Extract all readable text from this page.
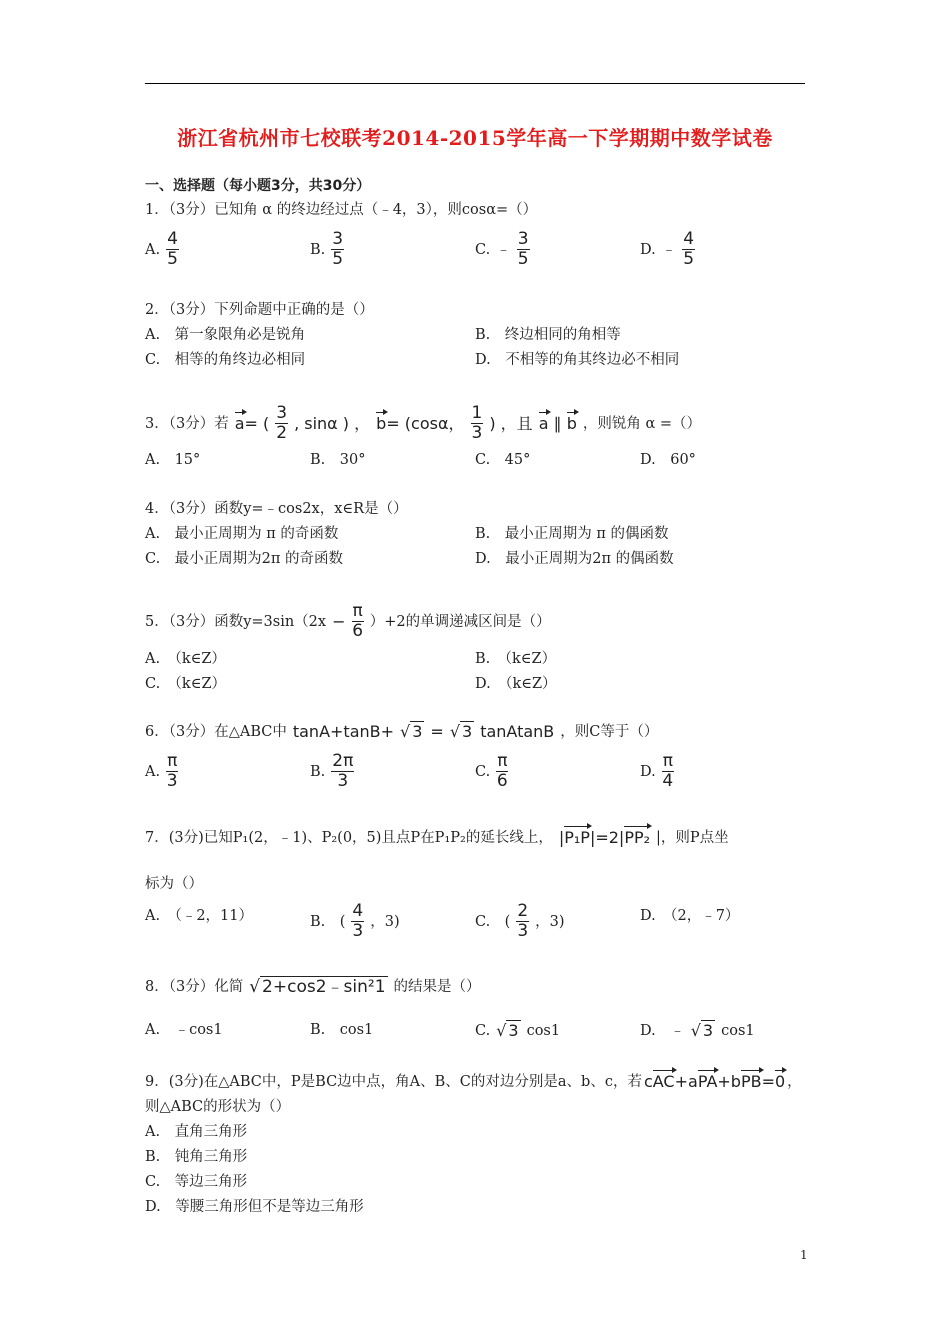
浙江省杭州市七校联考2014-2015学年高一下学期期中数学试卷
一、选择题（每小题3分，共30分）
1．（3分）已知角 α 的终边经过点（﹣4，3），则cosα=（）
A. $\frac{4}{5}$	B. $\frac{3}{5}$	C. ﹣ $\frac{3}{5}$	D. ﹣ $\frac{4}{5}$
2．（3分）下列命题中正确的是（）
A.　第一象限角必是锐角	B.　终边相同的角相等
C.　相等的角终边必相同	D.　不相等的角其终边必不相同
3．（3分）若 a= ( $\frac{3}{2}$ , sinα ) ， b= (cosα， $\frac{1}{3}$ ) ，且 a ∥ b ，则锐角 α =（）
A.　15°	B.　30°	C.　45°	D.　60°
4．（3分）函数y=﹣cos2x，x∈R是（）
A.　最小正周期为 π 的奇函数	B.　最小正周期为 π 的偶函数
C.　最小正周期为2π 的奇函数	D.　最小正周期为2π 的偶函数
5．（3分）函数$y=3\sin(2x - \frac{\pi}{6} )+2$的单调递减区间是（）
A.　（k∈Z）	B.　（k∈Z）
C.　（k∈Z）	D.　（k∈Z）
6．（3分）在△ABC中 tanA+tanB+ √ 3 = √ 3 tanAtanB ，则C等于（）
A. $\frac{\pi}{3}$	B. $\frac{2\pi}{3}$	C. $\frac{\pi}{6}$	D. $\frac{\pi}{4}$
7．(3分)已知P₁(2，﹣1)、P₂(0，5)且点P在P₁P₂的延长线上， |P₁P|=2|PP₂ |，则P点坐
标为（）
A.　（﹣2，11）	B.　( $\frac{4}{3}$ ，3)	C.　( $\frac{2}{3}$ ，3)	D.　（2，﹣7）
8．（3分）化简 √ 2+cos2﹣sin²1 的结果是（）
A.　﹣cos1	B.　cos1	C. √ 3 cos1	D.　﹣ √ 3 cos1
9．(3分)在△ABC中，P是BC边中点，角A、B、C的对边分别是a、b、c，若 cAC+aPA+bPB=0 ，
则△ABC的形状为（）
A.　直角三角形
B.　钝角三角形
C.　等边三角形
D.　等腰三角形但不是等边三角形
1
